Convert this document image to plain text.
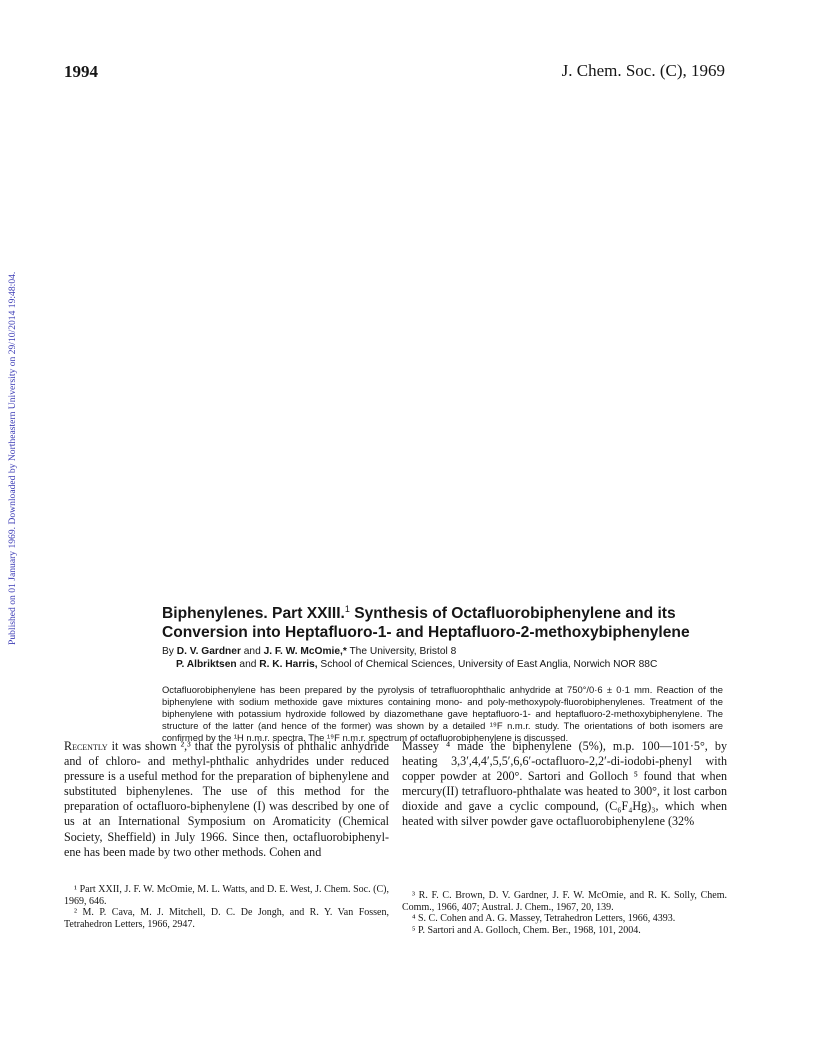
1994	J. Chem. Soc. (C), 1969
Published on 01 January 1969. Downloaded by Northeastern University on 29/10/2014 19:48:04.	Biphenylenes. Part XXIII.$^1$ Synthesis of Octafluorobiphenylene and its
Conversion into Heptafluoro-1- and Heptafluoro-2-methoxybiphenylene
By D. V. Gardner and J. F. W. McOmie,* The University, Bristol 8
P. Albriktsen and R. K. Harris, School of Chemical Sciences, University of East Anglia, Norwich NOR 88C
Octafluorobiphenylene has been prepared by the pyrolysis of tetrafluorophthalic anhydride at 750°/0·6 ± 0·1 mm. Reaction of the biphenylene with sodium methoxide gave mixtures containing mono- and poly-methoxypoly-fluorobiphenylenes. Treatment of the biphenylene with potassium hydroxide followed by diazomethane gave heptafluoro-1- and heptafluoro-2-methoxybiphenylene. The structure of the latter (and hence of the former) was shown by a detailed ¹⁹F n.m.r. study. The orientations of both isomers are confirmed by the ¹H n.m.r. spectra. The ¹⁹F n.m.r. spectrum of octafluorobiphenylene is discussed.

Recently it was shown ²,³ that the pyrolysis of phthalic anhydride and of chloro- and methyl-phthalic anhydrides under reduced pressure is a useful method for the preparation of biphenylene and substituted biphenylenes. The use of this method for the preparation of octafluoro-biphenylene (I) was described by one of us at an International Symposium on Aromaticity (Chemical Society, Sheffield) in July 1966. Since then, octafluorobiphenyl-ene has been made by two other methods. Cohen and

Massey ⁴ made the biphenylene (5%), m.p. 100—101·5°, by heating 3,3′,4,4′,5,5′,6,6′-octafluoro-2,2′-di-iodobi-phenyl with copper powder at 200°. Sartori and Golloch ⁵ found that when mercury(II) tetrafluoro-phthalate was heated to 300°, it lost carbon dioxide and gave a cyclic compound, (C₆F₄Hg)₃, which when heated with silver powder gave octafluorobiphenylene (32%

¹ Part XXII, J. F. W. McOmie, M. L. Watts, and D. E. West, J. Chem. Soc. (C), 1969, 646.

² M. P. Cava, M. J. Mitchell, D. C. De Jongh, and R. Y. Van Fossen, Tetrahedron Letters, 1966, 2947.

³ R. F. C. Brown, D. V. Gardner, J. F. W. McOmie, and R. K. Solly, Chem. Comm., 1966, 407; Austral. J. Chem., 1967, 20, 139.

⁴ S. C. Cohen and A. G. Massey, Tetrahedron Letters, 1966, 4393.

⁵ P. Sartori and A. Golloch, Chem. Ber., 1968, 101, 2004.
